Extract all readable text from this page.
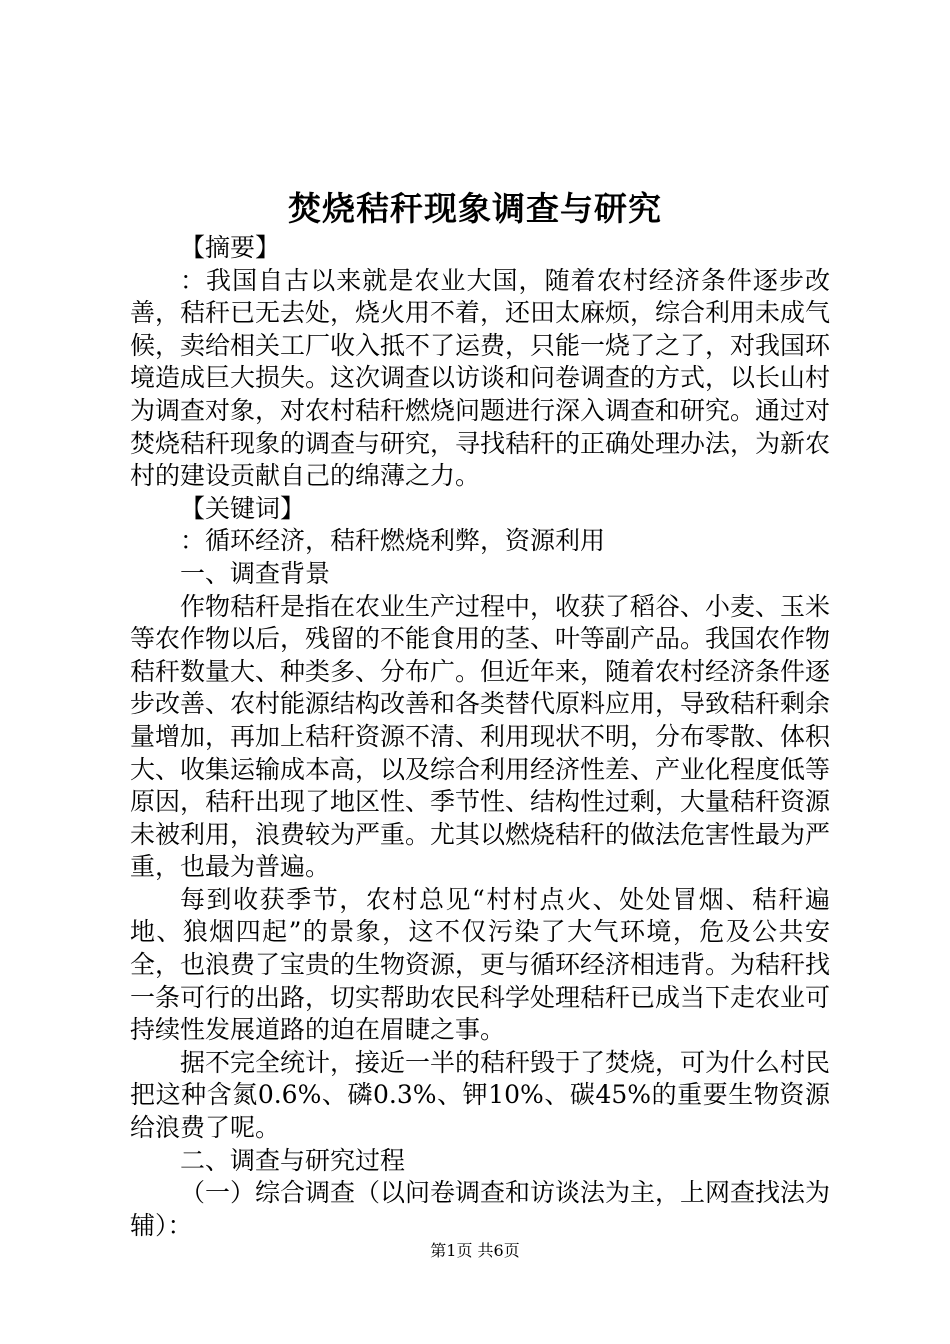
焚烧秸秆现象调查与研究

【摘要】

：我国自古以来就是农业大国，随着农村经济条件逐步改善，秸秆已无去处，烧火用不着，还田太麻烦，综合利用未成气候，卖给相关工厂收入抵不了运费，只能一烧了之了，对我国环境造成巨大损失。这次调查以访谈和问卷调查的方式，以长山村为调查对象，对农村秸秆燃烧问题进行深入调查和研究。通过对焚烧秸秆现象的调查与研究，寻找秸秆的正确处理办法，为新农村的建设贡献自己的绵薄之力。

【关键词】

：循环经济，秸秆燃烧利弊，资源利用

一、调查背景

作物秸秆是指在农业生产过程中，收获了稻谷、小麦、玉米等农作物以后，残留的不能食用的茎、叶等副产品。我国农作物秸秆数量大、种类多、分布广。但近年来，随着农村经济条件逐步改善、农村能源结构改善和各类替代原料应用，导致秸秆剩余量增加，再加上秸秆资源不清、利用现状不明，分布零散、体积大、收集运输成本高，以及综合利用经济性差、产业化程度低等原因，秸秆出现了地区性、季节性、结构性过剩，大量秸秆资源未被利用，浪费较为严重。尤其以燃烧秸秆的做法危害性最为严重，也最为普遍。

每到收获季节，农村总见“村村点火、处处冒烟、秸秆遍地、狼烟四起”的景象，这不仅污染了大气环境，危及公共安全，也浪费了宝贵的生物资源，更与循环经济相违背。为秸秆找一条可行的出路，切实帮助农民科学处理秸秆已成当下走农业可持续性发展道路的迫在眉睫之事。

据不完全统计，接近一半的秸秆毁于了焚烧，可为什么村民把这种含氮0.6%、磷0.3%、钾10%、碳45%的重要生物资源给浪费了呢。

二、调查与研究过程

（一）综合调查（以问卷调查和访谈法为主，上网查找法为辅）：

第1页 共6页
